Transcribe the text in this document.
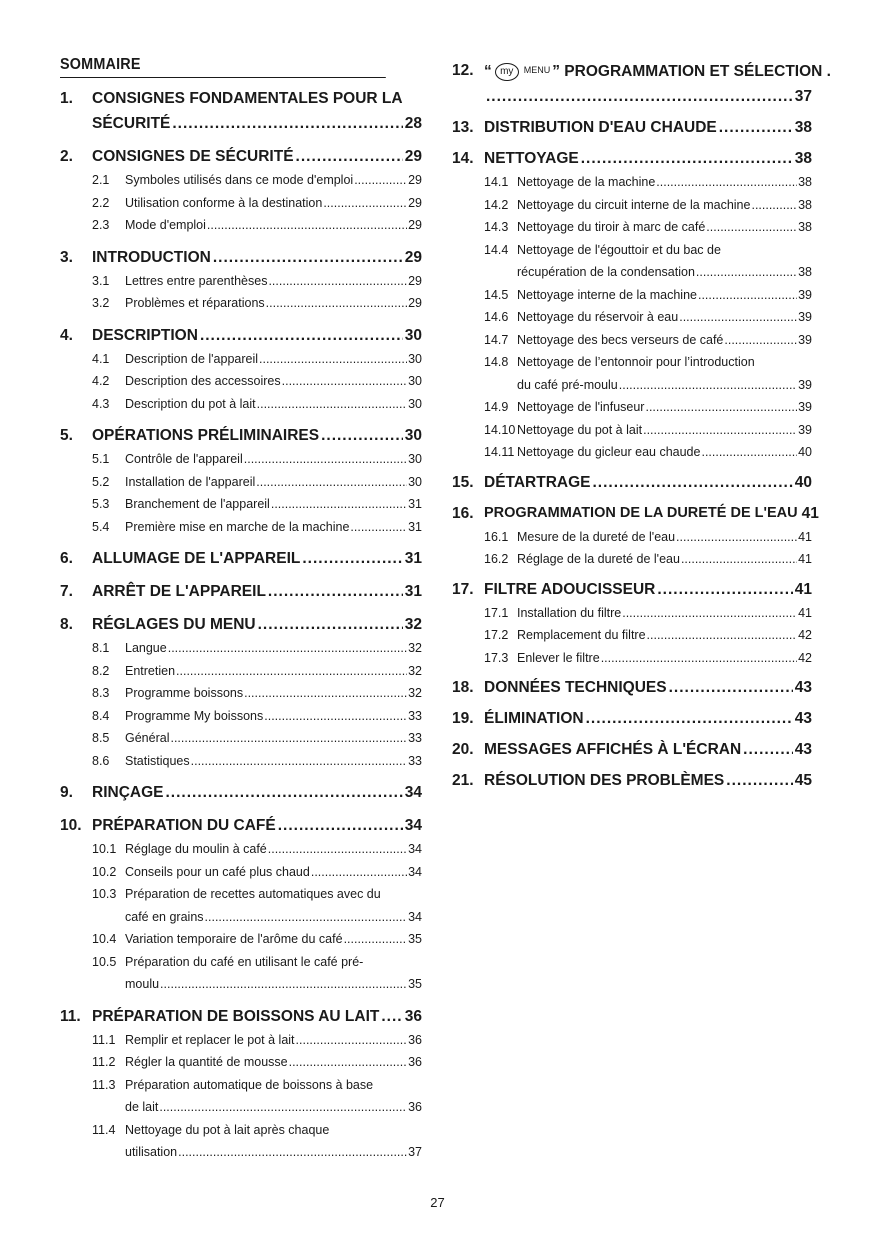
SOMMAIRE
1.	CONSIGNES FONDAMENTALES POUR LA
SÉCURITÉ .....	28
2.	CONSIGNES DE SÉCURITÉ .....	29
2.1	Symboles utilisés dans ce mode d'emploi .....	29
2.2	Utilisation conforme à la destination .....	29
2.3	Mode d'emploi .....	29
3.	INTRODUCTION .....	29
3.1	Lettres entre parenthèses .....	29
3.2	Problèmes et réparations .....	29
4.	DESCRIPTION .....	30
4.1	Description de l'appareil .....	30
4.2	Description des accessoires .....	30
4.3	Description du pot à lait .....	30
5.	OPÉRATIONS PRÉLIMINAIRES .....	30
5.1	Contrôle de l'appareil .....	30
5.2	Installation de l'appareil .....	30
5.3	Branchement de l'appareil .....	31
5.4	Première mise en marche de la machine .....	31
6.	ALLUMAGE DE L'APPAREIL .....	31
7.	ARRÊT DE L'APPAREIL .....	31
8.	RÉGLAGES DU MENU .....	32
8.1	Langue .....	32
8.2	Entretien .....	32
8.3	Programme boissons .....	32
8.4	Programme My boissons .....	33
8.5	Général .....	33
8.6	Statistiques .....	33
9.	RINÇAGE .....	34
10. PRÉPARATION DU CAFÉ .....	34
10.1 Réglage du moulin à café .....	34
10.2 Conseils pour un café plus chaud .....	34
10.3 Préparation de recettes automatiques avec du
café en grains .....	34
10.4 Variation temporaire de l'arôme du café .....	35
10.5 Préparation du café en utilisant le café pré-
moulu .....	35
11. PRÉPARATION DE BOISSONS AU LAIT ..... 36
11.1 Remplir et replacer le pot à lait .....	36
11.2 Régler la quantité de mousse .....	36
11.3 Préparation automatique de boissons à base
de lait .....	36
11.4 Nettoyage du pot à lait après chaque
utilisation .....	37
12. “ my MENU ” PROGRAMMATION ET SÉLECTION .
.....
37
13. DISTRIBUTION D'EAU CHAUDE .....	38
14. NETTOYAGE .....	38
14.1 Nettoyage de la machine .....	38
14.2 Nettoyage du circuit interne de la machine .....	38
14.3 Nettoyage du tiroir à marc de café .....	38
14.4 Nettoyage de l'égouttoir et du bac de
récupération de la condensation .....	38
14.5 Nettoyage interne de la machine .....	39
14.6 Nettoyage du réservoir à eau .....	39
14.7 Nettoyage des becs verseurs de café .....	39
14.8 Nettoyage de l’entonnoir pour l’introduction
du café pré-moulu .....	39
14.9 Nettoyage de l'infuseur .....	39
14.10 Nettoyage du pot à lait .....	39
14.11 Nettoyage du gicleur eau chaude .....	40
15. DÉTARTRAGE .....	40
16. PROGRAMMATION DE LA DURETÉ DE L'EAU 41
16.1 Mesure de la dureté de l'eau .....	41
16.2 Réglage de la dureté de l'eau .....	41
17. FILTRE ADOUCISSEUR .....	41
17.1 Installation du filtre .....	41
17.2 Remplacement du filtre .....	42
17.3 Enlever le filtre .....	42
18. DONNÉES TECHNIQUES .....	43
19. ÉLIMINATION .....	43
20. MESSAGES AFFICHÉS À L'ÉCRAN .....	43
21. RÉSOLUTION DES PROBLÈMES .....	45
27
